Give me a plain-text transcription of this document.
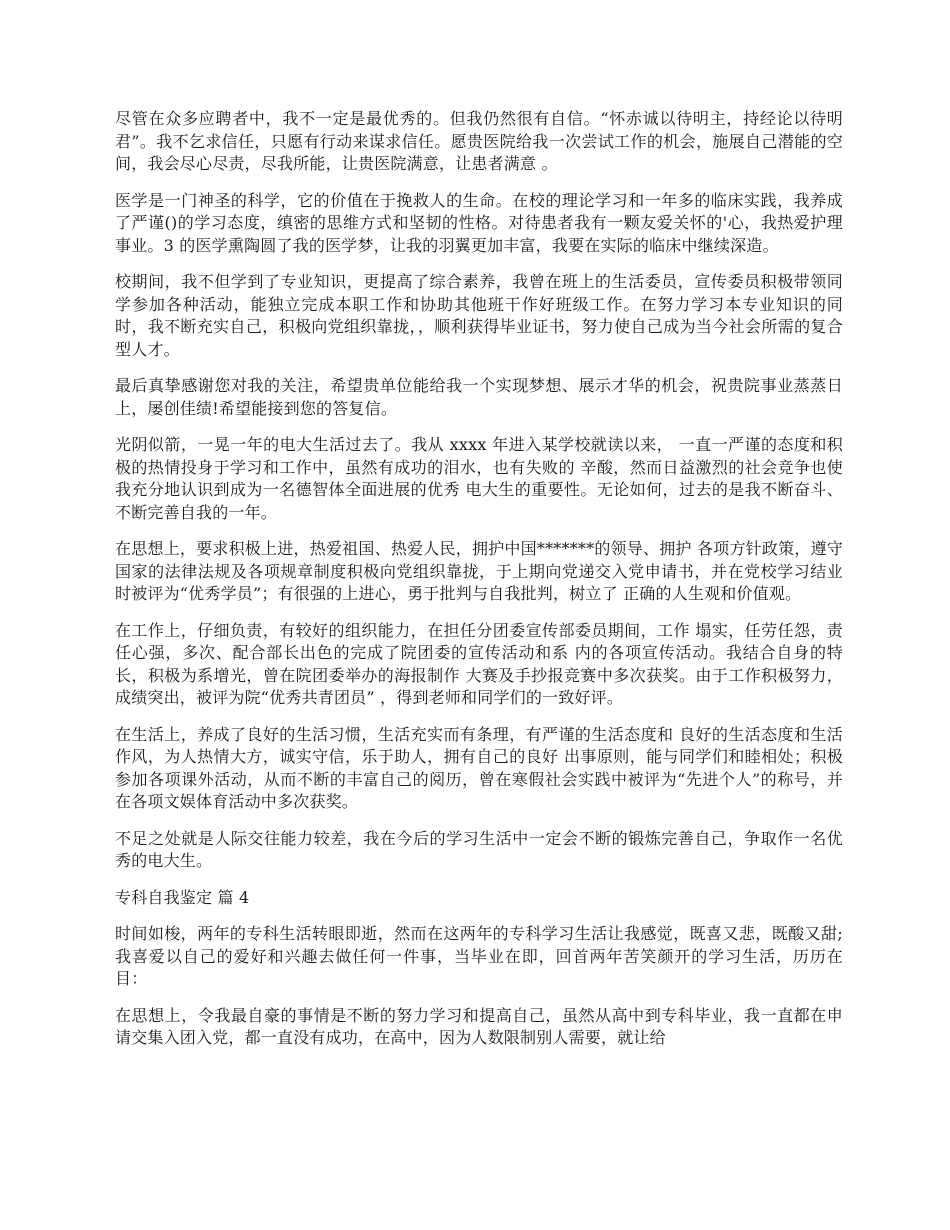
尽管在众多应聘者中，我不一定是最优秀的。但我仍然很有自信。“怀赤诚以待明主，持经论以待明君”。我不乞求信任，只愿有行动来谋求信任。愿贵医院给我一次尝试工作的机会，施展自己潜能的空间，我会尽心尽责，尽我所能，让贵医院满意，让患者满意 。

医学是一门神圣的科学，它的价值在于挽救人的生命。在校的理论学习和一年多的临床实践，我养成了严谨()的学习态度，缜密的思维方式和坚韧的性格。对待患者我有一颗友爱关怀的'心，我热爱护理事业。3 的医学熏陶圆了我的医学梦，让我的羽翼更加丰富，我要在实际的临床中继续深造。

校期间，我不但学到了专业知识，更提高了综合素养，我曾在班上的生活委员，宣传委员积极带领同学参加各种活动，能独立完成本职工作和协助其他班干作好班级工作。在努力学习本专业知识的同时，我不断充实自己，积极向党组织靠拢，，顺利获得毕业证书，努力使自己成为当今社会所需的复合型人才。

最后真挚感谢您对我的关注，希望贵单位能给我一个实现梦想、展示才华的机会，祝贵院事业蒸蒸日上，屡创佳绩!希望能接到您的答复信。

光阴似箭，一晃一年的电大生活过去了。我从 xxxx 年进入某学校就读以来， 一直一严谨的态度和积极的热情投身于学习和工作中，虽然有成功的泪水，也有失败的 辛酸，然而日益激烈的社会竞争也使我充分地认识到成为一名德智体全面进展的优秀 电大生的重要性。无论如何，过去的是我不断奋斗、不断完善自我的一年。

在思想上，要求积极上进，热爱祖国、热爱人民，拥护中国*******的领导、拥护 各项方针政策，遵守国家的法律法规及各项规章制度积极向党组织靠拢，于上期向党递交入党申请书，并在党校学习结业时被评为“优秀学员”；有很强的上进心，勇于批判与自我批判，树立了 正确的人生观和价值观。

在工作上，仔细负责，有较好的组织能力，在担任分团委宣传部委员期间，工作 塌实，任劳任怨，责任心强，多次、配合部长出色的完成了院团委的宣传活动和系 内的各项宣传活动。我结合自身的特长，积极为系增光，曾在院团委举办的海报制作 大赛及手抄报竞赛中多次获奖。由于工作积极努力，成绩突出，被评为院“优秀共青团员” ，得到老师和同学们的一致好评。

在生活上，养成了良好的生活习惯，生活充实而有条理，有严谨的生活态度和 良好的生活态度和生活作风，为人热情大方，诚实守信，乐于助人，拥有自己的良好 出事原则，能与同学们和睦相处；积极参加各项课外活动，从而不断的丰富自己的阅历，曾在寒假社会实践中被评为“先进个人”的称号，并在各项文娱体育活动中多次获奖。

不足之处就是人际交往能力较差，我在今后的学习生活中一定会不断的锻炼完善自己，争取作一名优秀的电大生。

专科自我鉴定 篇 4

时间如梭，两年的专科生活转眼即逝，然而在这两年的专科学习生活让我感觉，既喜又悲，既酸又甜;我喜爱以自己的爱好和兴趣去做任何一件事，当毕业在即，回首两年苦笑颜开的学习生活，历历在目：

在思想上，令我最自豪的事情是不断的努力学习和提高自己，虽然从高中到专科毕业，我一直都在申请交集入团入党，都一直没有成功，在高中，因为人数限制别人需要，就让给
